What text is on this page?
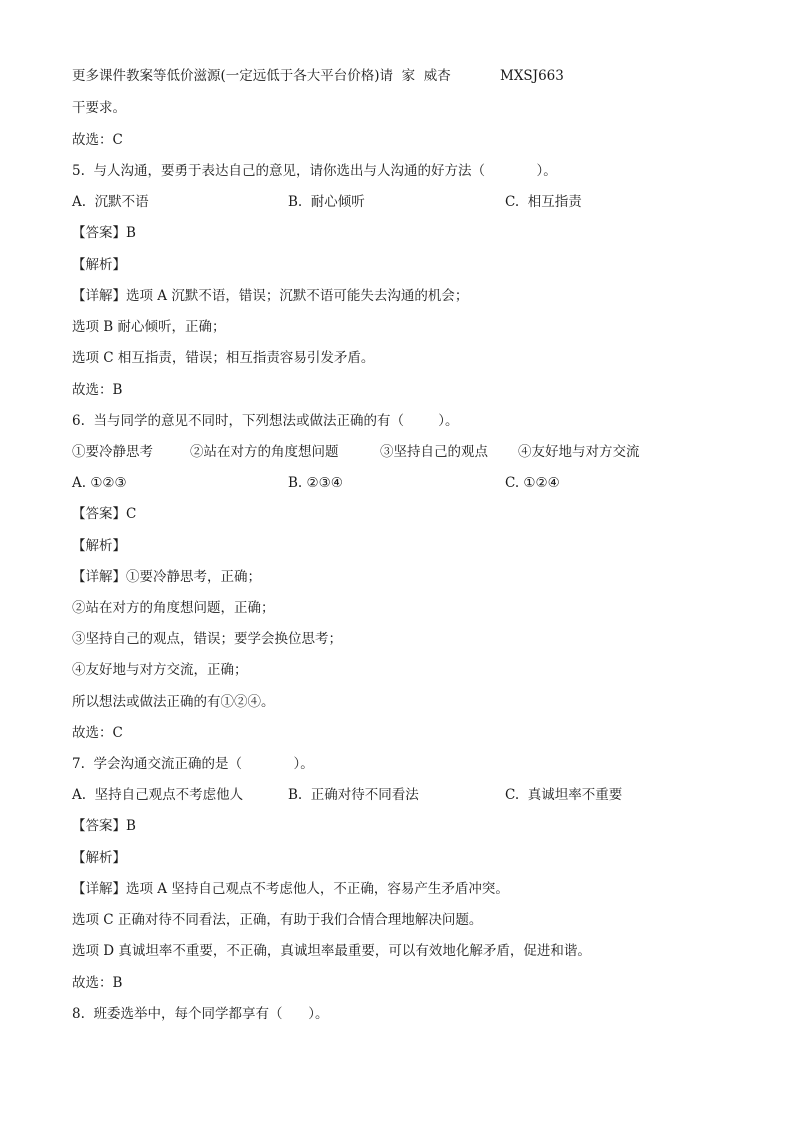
更多课件教案等低价滋源(一定远低于各大平台价格)请  家  威杏	MXSJ663
干要求。
故选：C
5.  与人沟通，要勇于表达自己的意见，请你选出与人沟通的好方法（            ）。
A.  沉默不语	B.  耐心倾听	C.  相互指责
【答案】B
【解析】
【详解】选项 A 沉默不语，错误；沉默不语可能失去沟通的机会；
选项 B 耐心倾听，正确；
选项 C 相互指责，错误；相互指责容易引发矛盾。
故选：B
6.  当与同学的意见不同时，下列想法或做法正确的有（        ）。
①要冷静思考	②站在对方的角度想问题	③坚持自己的观点 ④友好地与对方交流
A. ①②③	B. ②③④	C. ①②④
【答案】C
【解析】
【详解】①要冷静思考，正确；
②站在对方的角度想问题，正确；
③坚持自己的观点，错误；要学会换位思考；
④友好地与对方交流，正确；
所以想法或做法正确的有①②④。
故选：C
7.  学会沟通交流正确的是（            ）。
A.  坚持自己观点不考虑他人	B.  正确对待不同看法	C.  真诚坦率不重要
【答案】B
【解析】
【详解】选项 A 坚持自己观点不考虑他人，不正确，容易产生矛盾冲突。
选项 C 正确对待不同看法，正确，有助于我们合情合理地解决问题。
选项 D 真诚坦率不重要，不正确，真诚坦率最重要，可以有效地化解矛盾，促进和谐。
故选：B
8.  班委选举中，每个同学都享有（      ）。
